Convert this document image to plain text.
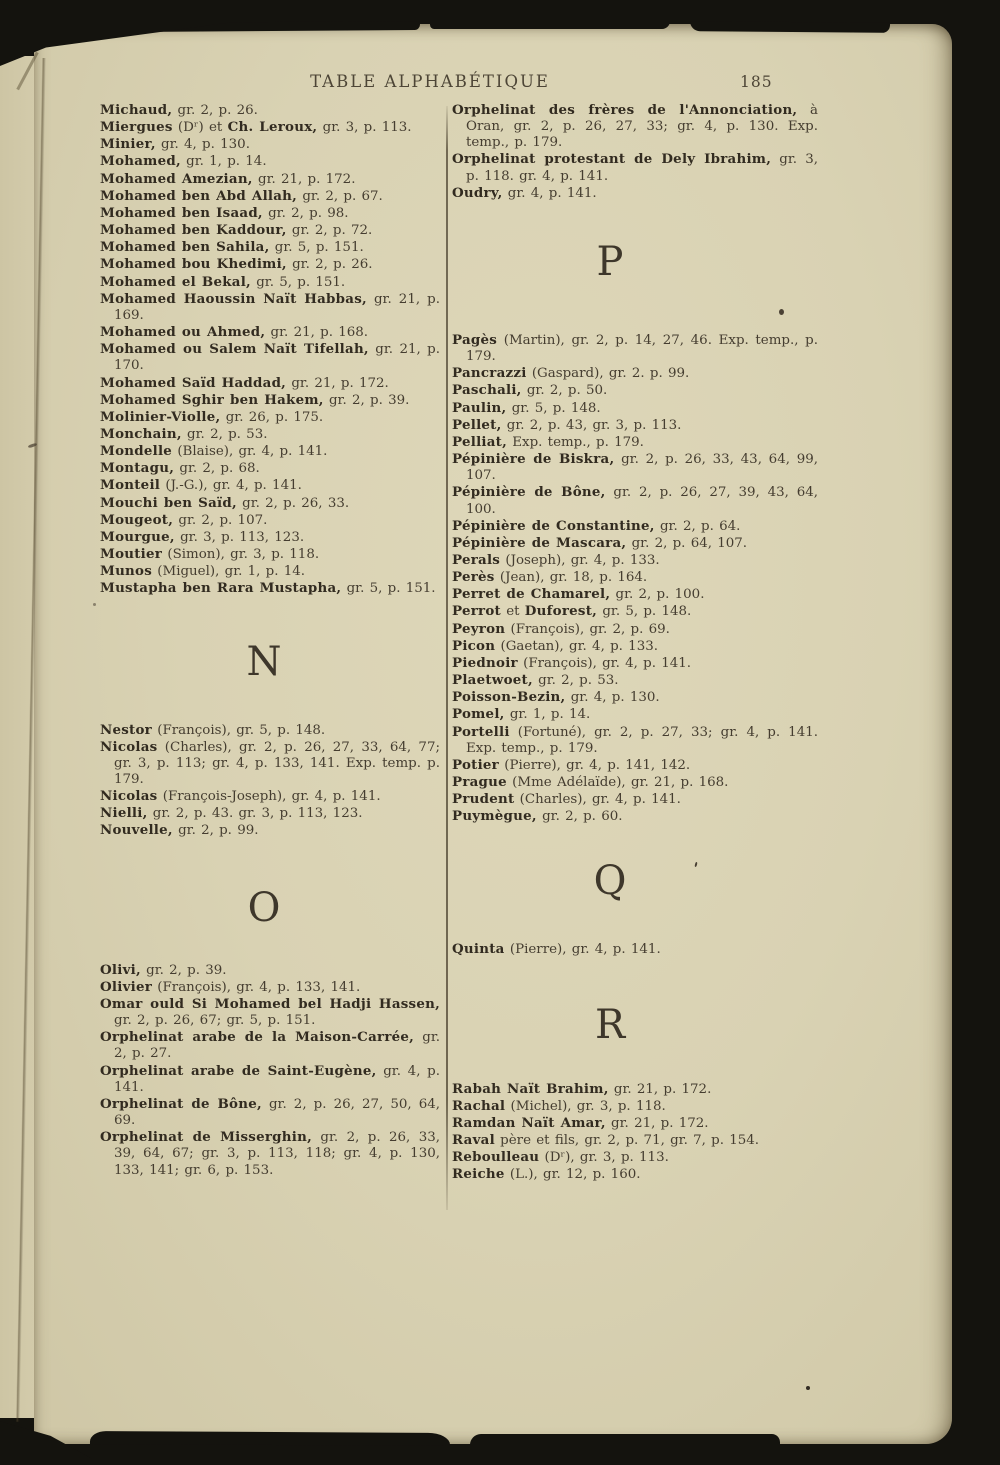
TABLE ALPHABÉTIQUE	185
Michaud, gr. 2, p. 26.
Miergues (Dʳ) et Ch. Leroux, gr. 3, p. 113.
Minier, gr. 4, p. 130.
Mohamed, gr. 1, p. 14.
Mohamed Amezian, gr. 21, p. 172.
Mohamed ben Abd Allah, gr. 2, p. 67.
Mohamed ben Isaad, gr. 2, p. 98.
Mohamed ben Kaddour, gr. 2, p. 72.
Mohamed ben Sahila, gr. 5, p. 151.
Mohamed bou Khedimi, gr. 2, p. 26.
Mohamed el Bekal, gr. 5, p. 151.
Mohamed Haoussin Naït Habbas, gr. 21, p. 169.
Mohamed ou Ahmed, gr. 21, p. 168.
Mohamed ou Salem Naït Tifellah, gr. 21, p. 170.
Mohamed Saïd Haddad, gr. 21, p. 172.
Mohamed Sghir ben Hakem, gr. 2, p. 39.
Molinier-Violle, gr. 26, p. 175.
Monchain, gr. 2, p. 53.
Mondelle (Blaise), gr. 4, p. 141.
Montagu, gr. 2, p. 68.
Monteil (J.-G.), gr. 4, p. 141.
Mouchi ben Saïd, gr. 2, p. 26, 33.
Mougeot, gr. 2, p. 107.
Mourgue, gr. 3, p. 113, 123.
Moutier (Simon), gr. 3, p. 118.
Munos (Miguel), gr. 1, p. 14.
Mustapha ben Rara Mustapha, gr. 5, p. 151.
N
Nestor (François), gr. 5, p. 148.
Nicolas (Charles), gr. 2, p. 26, 27, 33, 64, 77; gr. 3, p. 113; gr. 4, p. 133, 141. Exp. temp. p. 179.
Nicolas (François-Joseph), gr. 4, p. 141.
Nielli, gr. 2, p. 43. gr. 3, p. 113, 123.
Nouvelle, gr. 2, p. 99.
O
Olivi, gr. 2, p. 39.
Olivier (François), gr. 4, p. 133, 141.
Omar ould Si Mohamed bel Hadji Hassen, gr. 2, p. 26, 67; gr. 5, p. 151.
Orphelinat arabe de la Maison-Carrée, gr. 2, p. 27.
Orphelinat arabe de Saint-Eugène, gr. 4, p. 141.
Orphelinat de Bône, gr. 2, p. 26, 27, 50, 64, 69.
Orphelinat de Misserghin, gr. 2, p. 26, 33, 39, 64, 67; gr. 3, p. 113, 118; gr. 4, p. 130, 133, 141; gr. 6, p. 153.
Orphelinat des frères de l'Annonciation, à Oran, gr. 2, p. 26, 27, 33; gr. 4, p. 130. Exp. temp., p. 179.
Orphelinat protestant de Dely Ibrahim, gr. 3, p. 118. gr. 4, p. 141.
Oudry, gr. 4, p. 141.
P
Pagès (Martin), gr. 2, p. 14, 27, 46. Exp. temp., p. 179.
Pancrazzi (Gaspard), gr. 2. p. 99.
Paschali, gr. 2, p. 50.
Paulin, gr. 5, p. 148.
Pellet, gr. 2, p. 43, gr. 3, p. 113.
Pelliat, Exp. temp., p. 179.
Pépinière de Biskra, gr. 2, p. 26, 33, 43, 64, 99, 107.
Pépinière de Bône, gr. 2, p. 26, 27, 39, 43, 64, 100.
Pépinière de Constantine, gr. 2, p. 64.
Pépinière de Mascara, gr. 2, p. 64, 107.
Perals (Joseph), gr. 4, p. 133.
Perès (Jean), gr. 18, p. 164.
Perret de Chamarel, gr. 2, p. 100.
Perrot et Duforest, gr. 5, p. 148.
Peyron (François), gr. 2, p. 69.
Picon (Gaetan), gr. 4, p. 133.
Piednoir (François), gr. 4, p. 141.
Plaetwoet, gr. 2, p. 53.
Poisson-Bezin, gr. 4, p. 130.
Pomel, gr. 1, p. 14.
Portelli (Fortuné), gr. 2, p. 27, 33; gr. 4, p. 141. Exp. temp., p. 179.
Potier (Pierre), gr. 4, p. 141, 142.
Prague (Mme Adélaïde), gr. 21, p. 168.
Prudent (Charles), gr. 4, p. 141.
Puymègue, gr. 2, p. 60.
Q
Quinta (Pierre), gr. 4, p. 141.
R
Rabah Naït Brahim, gr. 21, p. 172.
Rachal (Michel), gr. 3, p. 118.
Ramdan Naït Amar, gr. 21, p. 172.
Raval père et fils, gr. 2, p. 71, gr. 7, p. 154.
Reboulleau (Dʳ), gr. 3, p. 113.
Reiche (L.), gr. 12, p. 160.
